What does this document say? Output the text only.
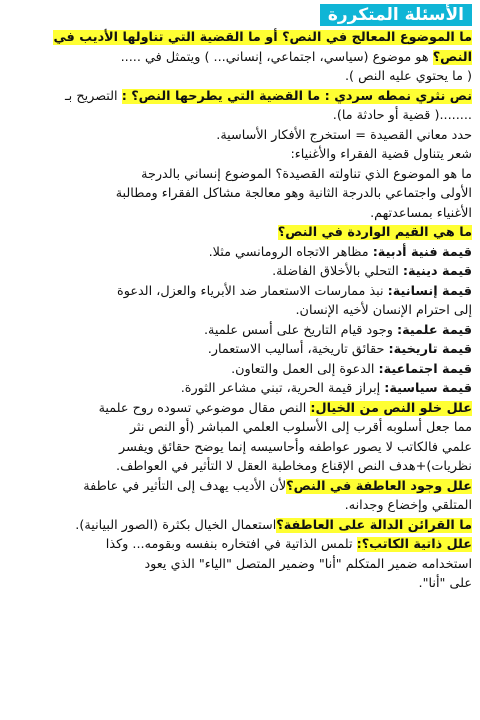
الأسئلة المتكررة
ما الموضوع المعالج في النص؟ أو ما القضية التي تناولها الأديب في
النص؟ هو موضوع (سياسي، اجتماعي، إنساني... ) ويتمثل في .....
( ما يحتوي عليه النص ).
نص نثري نمطه سردي : ما القضية التي يطرحها النص؟ : التصريح بـ
........( قضية أو حادثة ما).
حدد معاني القصيدة = استخرج الأفكار الأساسية.
شعر يتناول قضية الفقراء والأغنياء:
ما هو الموضوع الذي تناولته القصيدة؟ الموضوع إنساني بالدرجة
الأولى واجتماعي بالدرجة الثانية وهو معالجة مشاكل الفقراء ومطالبة
الأغنياء بمساعدتهم.
ما هي القيم الواردة في النص؟
قيمة فنية أدبية: مظاهر الاتجاه الرومانسي مثلا.
قيمة دينية: التحلي بالأخلاق الفاضلة.
قيمة إنسانية: نبذ ممارسات الاستعمار ضد الأبرياء والعزل، الدعوة
إلى احترام الإنسان لأخيه الإنسان.
قيمة علمية: وجود قيام التاريخ على أسس علمية.
قيمة تاريخية: حقائق تاريخية، أساليب الاستعمار.
قيمة اجتماعية: الدعوة إلى العمل والتعاون.
قيمة سياسية: إبراز قيمة الحرية، تبني مشاعر الثورة.
علل خلو النص من الخيال: النص مقال موضوعي تسوده روح علمية
مما جعل أسلوبه أقرب إلى الأسلوب العلمي المباشر (أو النص نثر
علمي فالكاتب لا يصور عواطفه وأحاسيسه إنما يوضح حقائق ويفسر
نظريات)+هدف النص الإقناع ومخاطبة العقل لا التأثير في العواطف.
علل وجود العاطفة في النص؟لأن الأديب يهدف إلى التأثير في عاطفة
المتلقي وإخضاع وجدانه.
ما القرائن الدالة على العاطفة؟استعمال الخيال بكثرة (الصور البيانية).
علل ذاتية الكاتب؟: تلمس الذاتية في افتخاره بنفسه وبقومه... وكذا
استخدامه ضمير المتكلم "أنا" وضمير المتصل "الياء" الذي يعود
على "أنا".
